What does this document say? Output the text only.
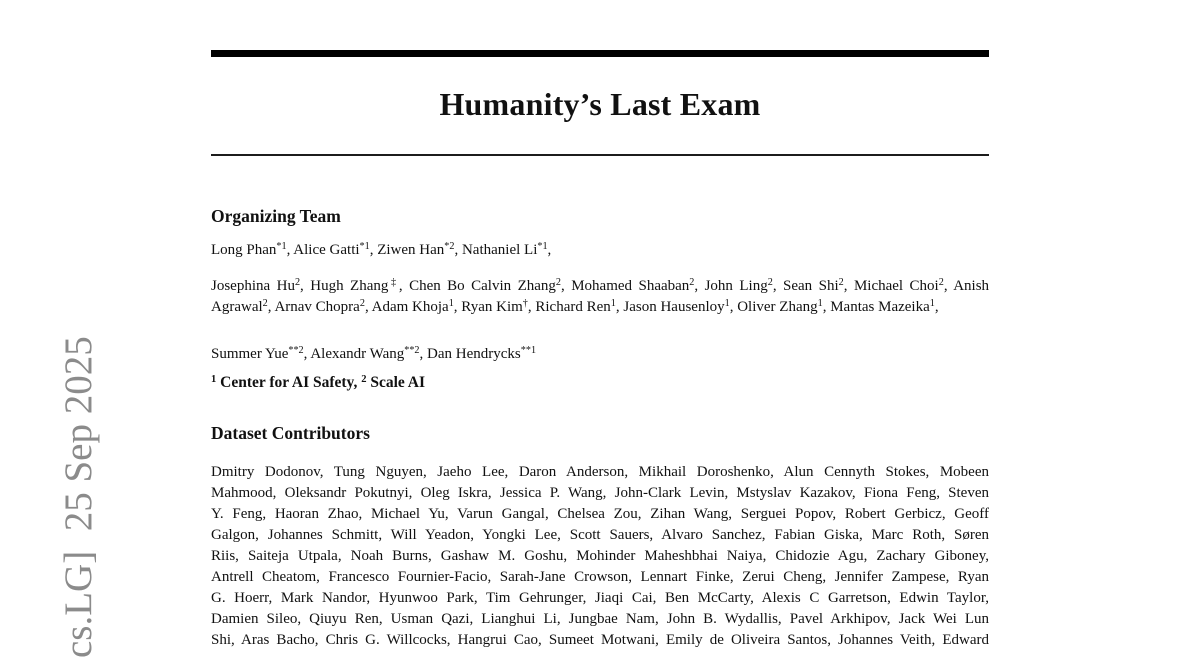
cs.LG]  25 Sep 2025
Humanity’s Last Exam
Organizing Team

Long Phan$^{*1}$, Alice Gatti$^{*1}$, Ziwen Han$^{*2}$, Nathaniel Li$^{*1}$,

Josephina Hu$^2$, Hugh Zhang‡, Chen Bo Calvin Zhang$^2$, Mohamed Shaaban$^2$, John Ling$^2$, Sean Shi$^2$, Michael Choi$^2$, Anish Agrawal$^2$, Arnav Chopra$^2$, Adam Khoja$^1$, Ryan Kim†, Richard Ren$^1$, Jason Hausenloy$^1$, Oliver Zhang$^1$, Mantas Mazeika$^1$,

Summer Yue$^{**2}$, Alexandr Wang$^{**2}$, Dan Hendrycks$^{**1}$

$^1$ Center for AI Safety, $^2$ Scale AI

Dataset Contributors
Dmitry Dodonov, Tung Nguyen, Jaeho Lee, Daron Anderson, Mikhail Doroshenko, Alun Cennyth Stokes, Mobeen
Mahmood, Oleksandr Pokutnyi, Oleg Iskra, Jessica P. Wang, John-Clark Levin, Mstyslav Kazakov, Fiona Feng, Steven
Y. Feng, Haoran Zhao, Michael Yu, Varun Gangal, Chelsea Zou, Zihan Wang, Serguei Popov, Robert Gerbicz, Geoff
Galgon, Johannes Schmitt, Will Yeadon, Yongki Lee, Scott Sauers, Alvaro Sanchez, Fabian Giska, Marc Roth, Søren
Riis, Saiteja Utpala, Noah Burns, Gashaw M. Goshu, Mohinder Maheshbhai Naiya, Chidozie Agu, Zachary Giboney,
Antrell Cheatom, Francesco Fournier-Facio, Sarah-Jane Crowson, Lennart Finke, Zerui Cheng, Jennifer Zampese, Ryan
G. Hoerr, Mark Nandor, Hyunwoo Park, Tim Gehrunger, Jiaqi Cai, Ben McCarty, Alexis C Garretson, Edwin Taylor,
Damien Sileo, Qiuyu Ren, Usman Qazi, Lianghui Li, Jungbae Nam, John B. Wydallis, Pavel Arkhipov, Jack Wei Lun
Shi, Aras Bacho, Chris G. Willcocks, Hangrui Cao, Sumeet Motwani, Emily de Oliveira Santos, Johannes Veith, Edward
